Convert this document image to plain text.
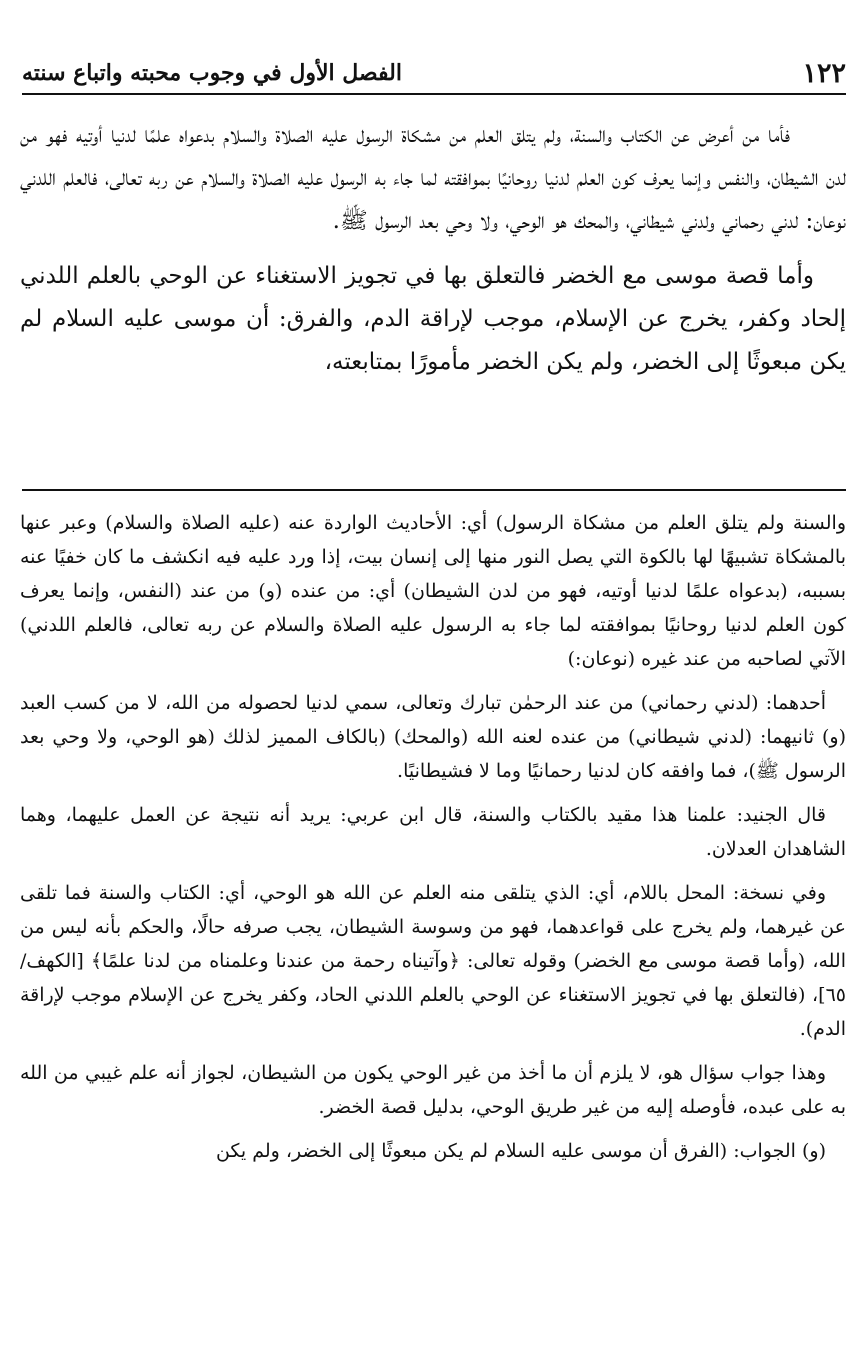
١٢٢
الفصل الأول في وجوب محبته واتباع سنته

فأما من أعرض عن الكتاب والسنة، ولم يتلق العلم من مشكاة الرسول عليه الصلاة والسلام بدعواه علمًا لدنيا أوتيه فهو من لدن الشيطان، والنفس وإنما يعرف كون العلم لدنيا روحانيًا بموافقته لما جاء به الرسول عليه الصلاة والسلام عن ربه تعالى، فالعلم اللدني نوعان: لدني رحماني ولدني شيطاني، والمحك هو الوحي، ولا وحي بعد الرسول ﷺ.

وأما قصة موسى مع الخضر فالتعلق بها في تجويز الاستغناء عن الوحي بالعلم اللدني إلحاد وكفر، يخرج عن الإسلام، موجب لإراقة الدم، والفرق: أن موسى عليه السلام لم يكن مبعوثًا إلى الخضر، ولم يكن الخضر مأمورًا بمتابعته،

والسنة ولم يتلق العلم من مشكاة الرسول) أي: الأحاديث الواردة عنه (عليه الصلاة والسلام) وعبر عنها بالمشكاة تشبيهًا لها بالكوة التي يصل النور منها إلى إنسان بيت، إذا ورد عليه فيه انكشف ما كان خفيًا عنه بسببه، (بدعواه علمًا لدنيا أوتيه، فهو من لدن الشيطان) أي: من عنده (و) من عند (النفس، وإنما يعرف كون العلم لدنيا روحانيًا بموافقته لما جاء به الرسول عليه الصلاة والسلام عن ربه تعالى، فالعلم اللدني) الآتي لصاحبه من عند غيره (نوعان:)

أحدهما: (لدني رحماني) من عند الرحمٰن تبارك وتعالى، سمي لدنيا لحصوله من الله، لا من كسب العبد (و) ثانيهما: (لدني شيطاني) من عنده لعنه الله (والمحك) (بالكاف المميز لذلك (هو الوحي، ولا وحي بعد الرسول ﷺ)، فما وافقه كان لدنيا رحمانيًا وما لا فشيطانيًا.

قال الجنيد: علمنا هذا مقيد بالكتاب والسنة، قال ابن عربي: يريد أنه نتيجة عن العمل عليهما، وهما الشاهدان العدلان.

وفي نسخة: المحل باللام، أي: الذي يتلقى منه العلم عن الله هو الوحي، أي: الكتاب والسنة فما تلقى عن غيرهما، ولم يخرج على قواعدهما، فهو من وسوسة الشيطان، يجب صرفه حالًا، والحكم بأنه ليس من الله، (وأما قصة موسى مع الخضر) وقوله تعالى: ﴿وآتيناه رحمة من عندنا وعلمناه من لدنا علمًا﴾ [الكهف/٦٥]، (فالتعلق بها في تجويز الاستغناء عن الوحي بالعلم اللدني الحاد، وكفر يخرج عن الإسلام موجب لإراقة الدم).

وهذا جواب سؤال هو، لا يلزم أن ما أخذ من غير الوحي يكون من الشيطان، لجواز أنه علم غيبي من الله به على عبده، فأوصله إليه من غير طريق الوحي، بدليل قصة الخضر.

(و) الجواب: (الفرق أن موسى عليه السلام لم يكن مبعوثًا إلى الخضر، ولم يكن
